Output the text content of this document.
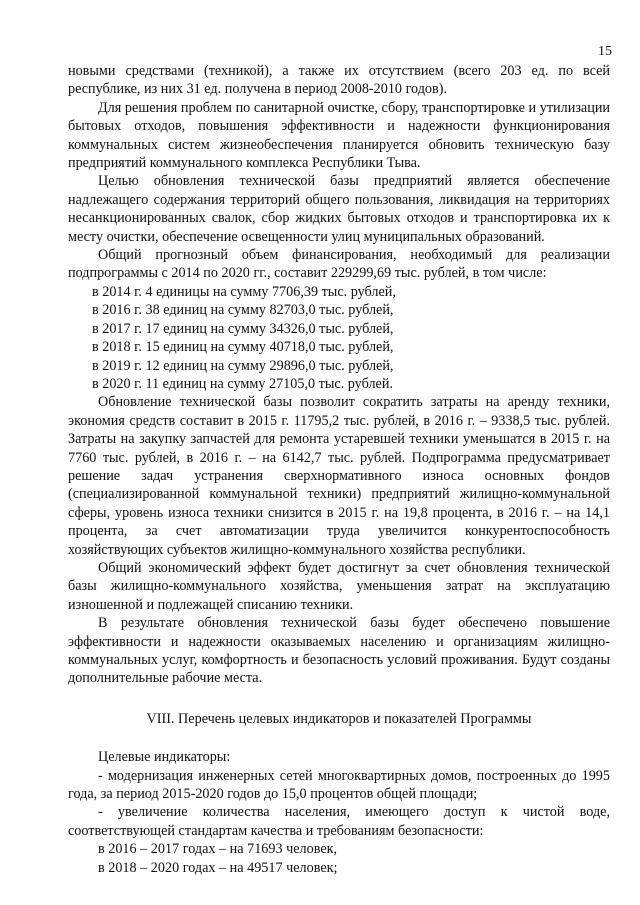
15

новыми средствами (техникой), а также их отсутствием (всего 203 ед. по всей республике, из них 31 ед. получена в период 2008-2010 годов).

Для решения проблем по санитарной очистке, сбору, транспортировке и утилизации бытовых отходов, повышения эффективности и надежности функционирования коммунальных систем жизнеобеспечения планируется обновить техническую базу предприятий коммунального комплекса Республики Тыва.

Целью обновления технической базы предприятий является обеспечение надлежащего содержания территорий общего пользования, ликвидация на территориях несанкционированных свалок, сбор жидких бытовых отходов и транспортировка их к месту очистки, обеспечение освещенности улиц муниципальных образований.

Общий прогнозный объем финансирования, необходимый для реализации подпрограммы с 2014 по 2020 гг., составит 229299,69 тыс. рублей, в том числе:

в 2014 г. 4 единицы на сумму 7706,39 тыс. рублей,

в 2016 г. 38 единиц на сумму 82703,0 тыс. рублей,

в 2017 г. 17 единиц на сумму 34326,0 тыс. рублей,

в 2018 г. 15 единиц на сумму 40718,0 тыс. рублей,

в 2019 г. 12 единиц на сумму 29896,0 тыс. рублей,

в 2020 г. 11 единиц на сумму 27105,0 тыс. рублей.

Обновление технической базы позволит сократить затраты на аренду техники, экономия средств составит в 2015 г. 11795,2 тыс. рублей, в 2016 г. – 9338,5 тыс. рублей. Затраты на закупку запчастей для ремонта устаревшей техники уменьшатся в 2015 г. на 7760 тыс. рублей, в 2016 г. – на 6142,7 тыс. рублей. Подпрограмма предусматривает решение задач устранения сверхнормативного износа основных фондов (специализированной коммунальной техники) предприятий жилищно-коммунальной сферы, уровень износа техники снизится в 2015 г. на 19,8 процента, в 2016 г. – на 14,1 процента, за счет автоматизации труда увеличится конкурентоспособность хозяйствующих субъектов жилищно-коммунального хозяйства республики.

Общий экономический эффект будет достигнут за счет обновления технической базы жилищно-коммунального хозяйства, уменьшения затрат на эксплуатацию изношенной и подлежащей списанию техники.

В результате обновления технической базы будет обеспечено повышение эффективности и надежности оказываемых населению и организациям жилищно-коммунальных услуг, комфортность и безопасность условий проживания. Будут созданы дополнительные рабочие места.

VIII. Перечень целевых индикаторов и показателей Программы

Целевые индикаторы:

- модернизация инженерных сетей многоквартирных домов, построенных до 1995 года, за период 2015-2020 годов до 15,0 процентов общей площади;

- увеличение количества населения, имеющего доступ к чистой воде, соответствующей стандартам качества и требованиям безопасности:

в 2016 – 2017 годах – на 71693 человек,

в 2018 – 2020 годах – на 49517 человек;
